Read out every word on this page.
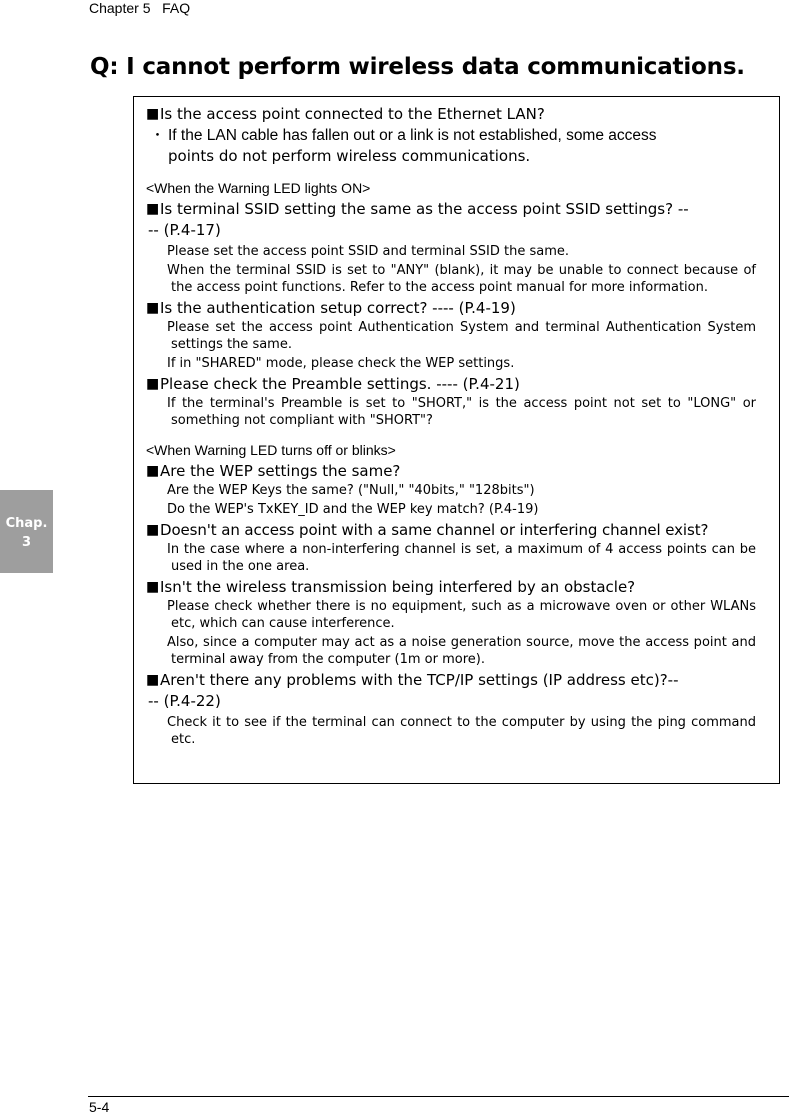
Chapter 5   FAQ
Q: I cannot perform wireless data communications.
■ Is the access point connected to the Ethernet LAN?
・ If the LAN cable has fallen out or a link is not established, some access
points do not perform wireless communications.
<When the Warning LED lights ON>
■ Is terminal SSID setting the same as the access point SSID settings? --
-- (P.4-17)
Please set the access point SSID and terminal SSID the same.
When the terminal SSID is set to "ANY" (blank), it may be unable to connect because of the access point functions. Refer to the access point manual for more information.
■ Is the authentication setup correct? ---- (P.4-19)
Please set the access point Authentication System and terminal Authentication System settings the same.
If in "SHARED" mode, please check the WEP settings.
■ Please check the Preamble settings. ---- (P.4-21)
If the terminal's Preamble is set to "SHORT," is the access point not set to "LONG" or something not compliant with "SHORT"?
<When Warning LED turns off or blinks>
■ Are the WEP settings the same?
Are the WEP Keys the same? ("Null," "40bits," "128bits")
Do the WEP's TxKEY_ID and the WEP key match? (P.4-19)
■ Doesn't an access point with a same channel or interfering channel exist?
In the case where a non-interfering channel is set, a maximum of 4 access points can be used in the one area.
■ Isn't the wireless transmission being interfered by an obstacle?
Please check whether there is no equipment, such as a microwave oven or other WLANs etc, which can cause interference.
Also, since a computer may act as a noise generation source, move the access point and terminal away from the computer (1m or more).
■ Aren't there any problems with the TCP/IP settings (IP address etc)?--
-- (P.4-22)
Check it to see if the terminal can connect to the computer by using the ping command etc.
Chap.
3
5-4
